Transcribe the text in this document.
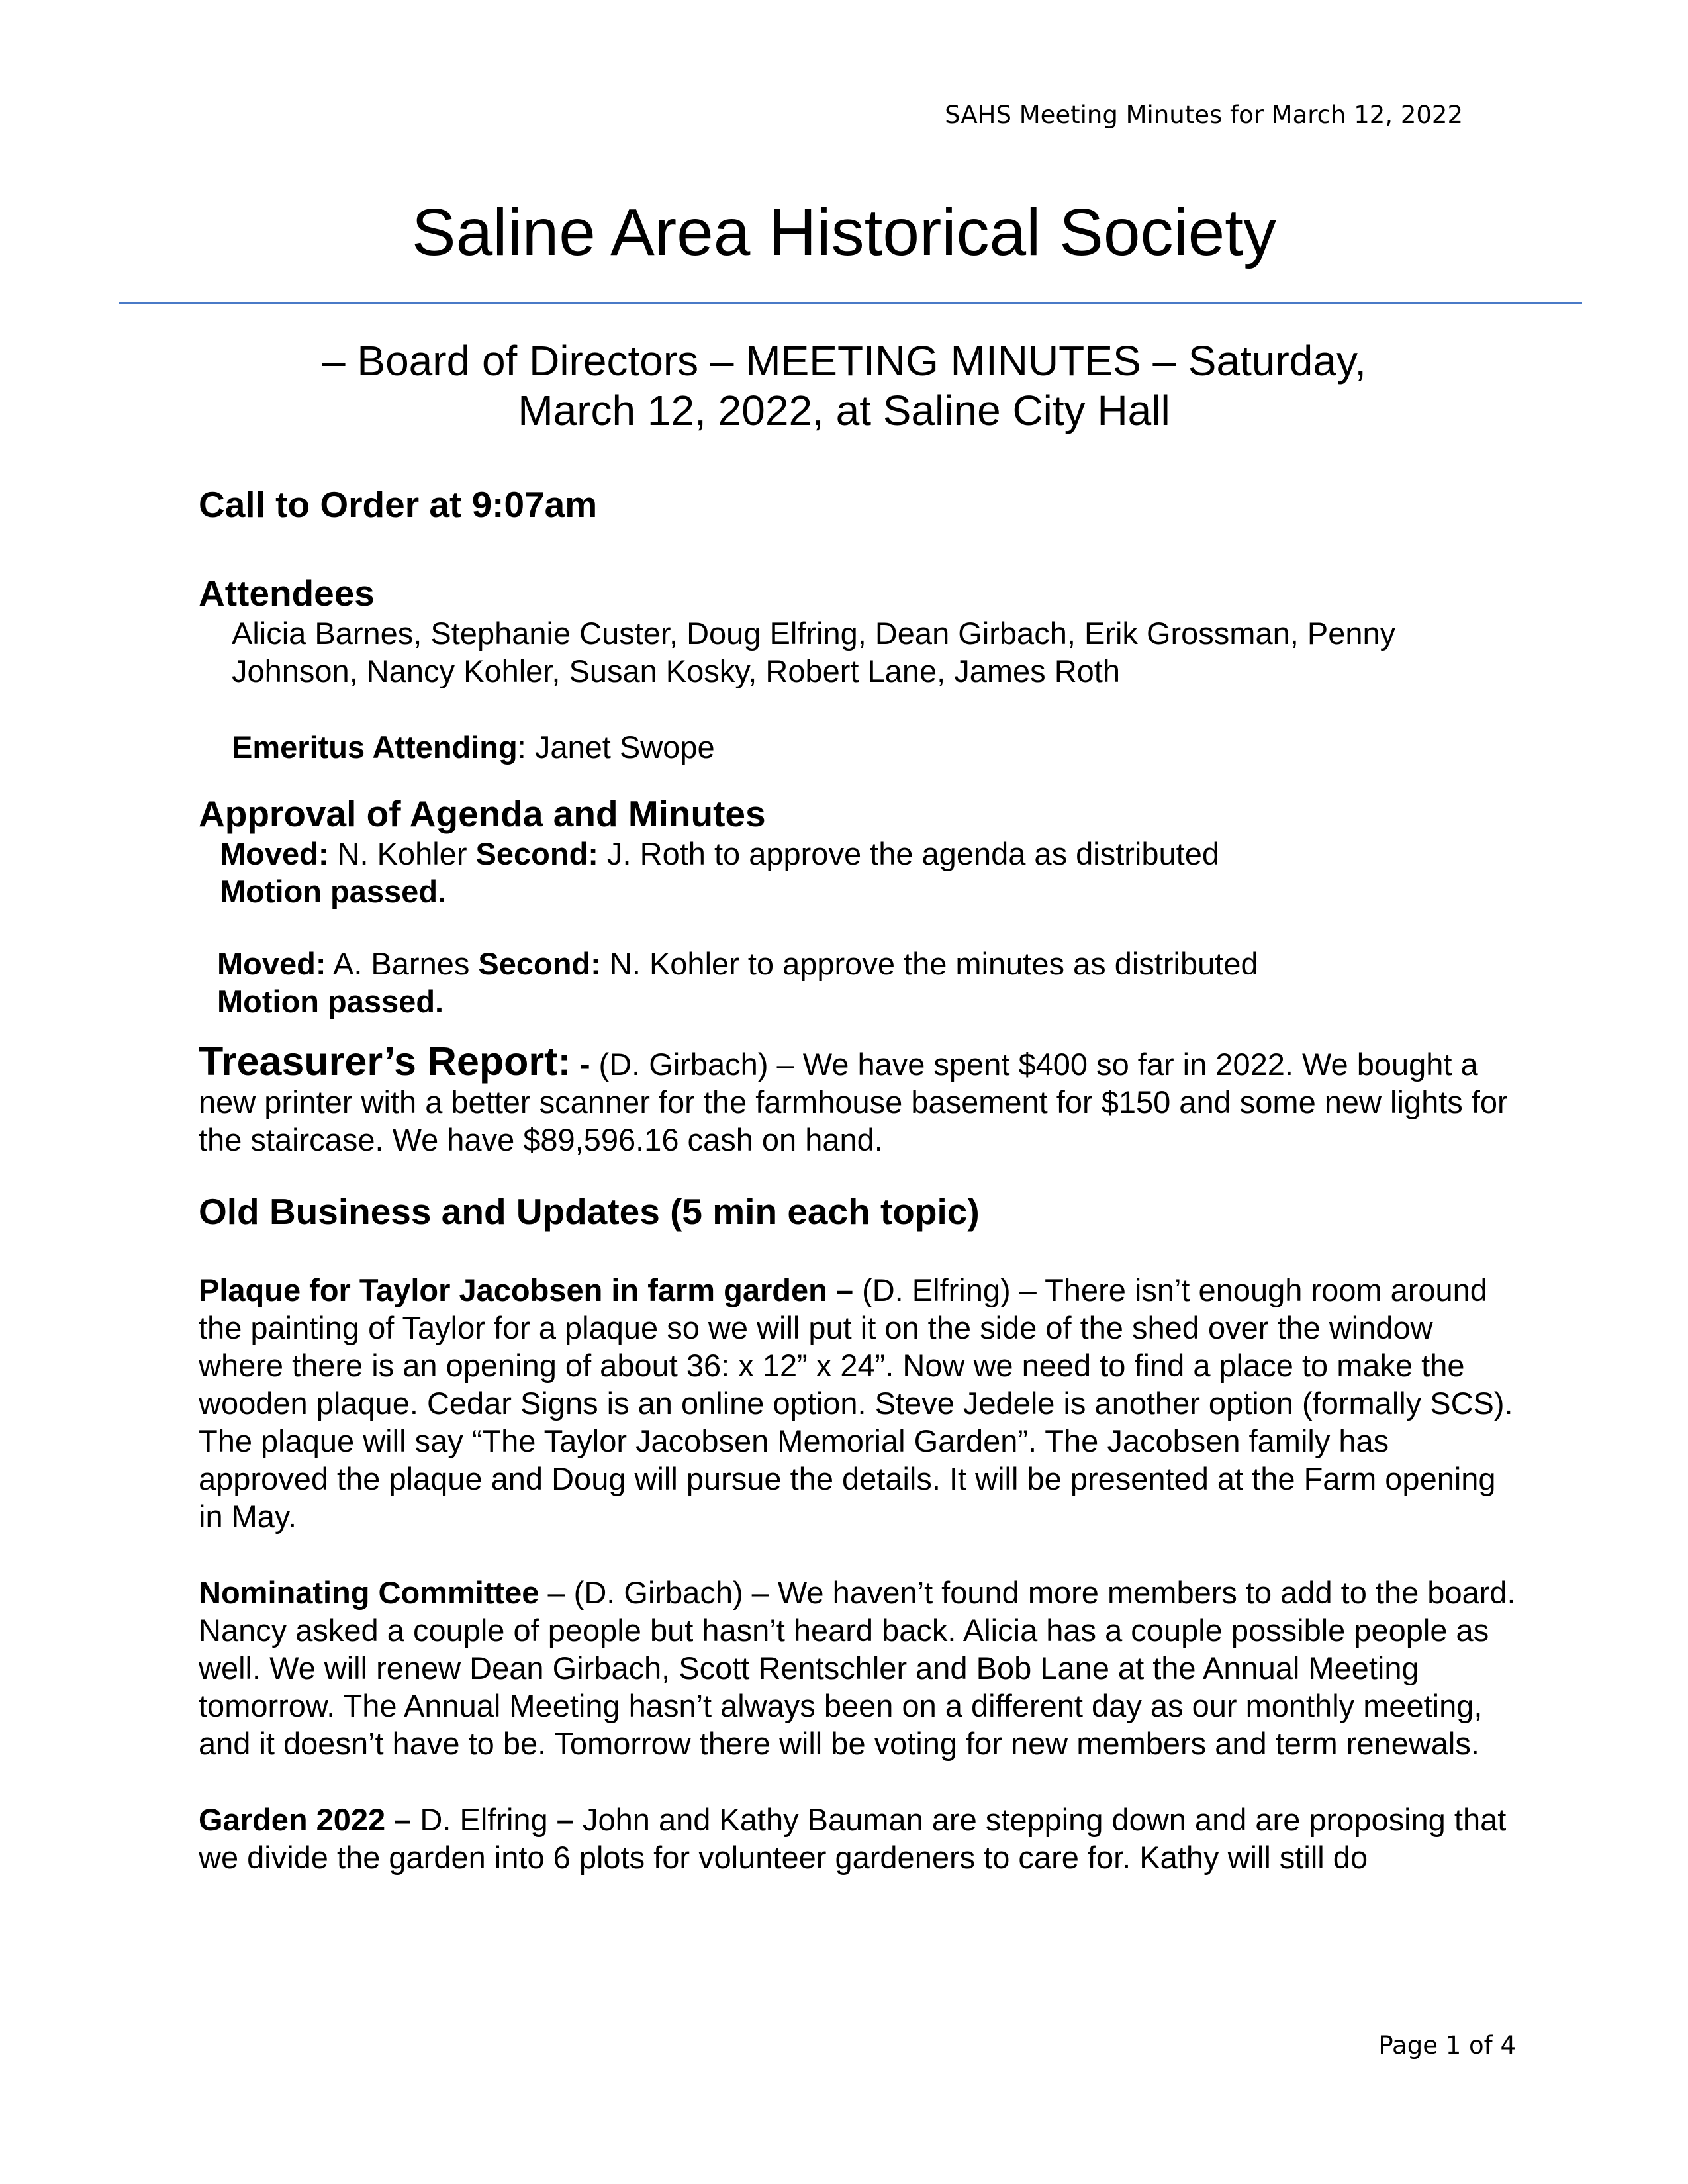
SAHS Meeting Minutes for March 12, 2022
Saline Area Historical Society
– Board of Directors – MEETING MINUTES – Saturday,
March 12, 2022, at Saline City Hall

Call to Order at 9:07am

Attendees

Alicia Barnes, Stephanie Custer, Doug Elfring, Dean Girbach, Erik Grossman, Penny Johnson, Nancy Kohler, Susan Kosky, Robert Lane, James Roth

Emeritus Attending: Janet Swope

Approval of Agenda and Minutes

Moved: N. Kohler Second: J. Roth to approve the agenda as distributed

Motion passed.

Moved: A. Barnes Second: N. Kohler to approve the minutes as distributed

Motion passed.

Treasurer’s Report: - (D. Girbach) – We have spent $400 so far in 2022. We bought a new printer with a better scanner for the farmhouse basement for $150 and some new lights for the staircase. We have $89,596.16 cash on hand.

Old Business and Updates (5 min each topic)

Plaque for Taylor Jacobsen in farm garden – (D. Elfring) – There isn’t enough room around the painting of Taylor for a plaque so we will put it on the side of the shed over the window where there is an opening of about 36: x 12” x 24”. Now we need to find a place to make the wooden plaque. Cedar Signs is an online option. Steve Jedele is another option (formally SCS). The plaque will say “The Taylor Jacobsen Memorial Garden”. The Jacobsen family has approved the plaque and Doug will pursue the details. It will be presented at the Farm opening in May.

Nominating Committee – (D. Girbach) – We haven’t found more members to add to the board. Nancy asked a couple of people but hasn’t heard back. Alicia has a couple possible people as well. We will renew Dean Girbach, Scott Rentschler and Bob Lane at the Annual Meeting tomorrow. The Annual Meeting hasn’t always been on a different day as our monthly meeting, and it doesn’t have to be. Tomorrow there will be voting for new members and term renewals.

Garden 2022 – D. Elfring – John and Kathy Bauman are stepping down and are proposing that we divide the garden into 6 plots for volunteer gardeners to care for. Kathy will still do

Page 1 of 4
